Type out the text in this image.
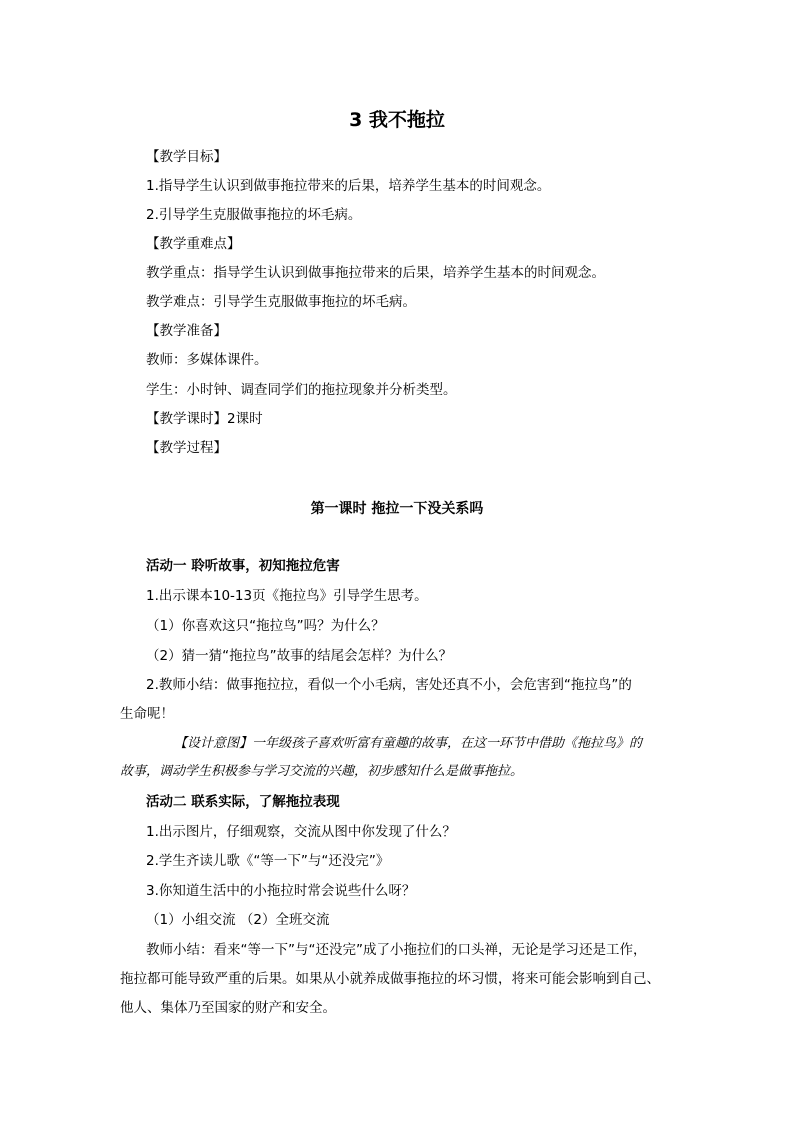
3 我不拖拉
【教学目标】
1.指导学生认识到做事拖拉带来的后果，培养学生基本的时间观念。
2.引导学生克服做事拖拉的坏毛病。
【教学重难点】
教学重点：指导学生认识到做事拖拉带来的后果，培养学生基本的时间观念。
教学难点：引导学生克服做事拖拉的坏毛病。
【教学准备】
教师：多媒体课件。
学生：小时钟、调查同学们的拖拉现象并分析类型。
【教学课时】2课时
【教学过程】
第一课时 拖拉一下没关系吗
活动一 聆听故事，初知拖拉危害
1.出示课本10-13页《拖拉鸟》引导学生思考。
（1）你喜欢这只“拖拉鸟”吗？为什么？
（2）猜一猜“拖拉鸟”故事的结尾会怎样？为什么？
2.教师小结：做事拖拉拉，看似一个小毛病，害处还真不小，会危害到“拖拉鸟”的
生命呢！
【设计意图】一年级孩子喜欢听富有童趣的故事，在这一环节中借助《拖拉鸟》的
故事，调动学生积极参与学习交流的兴趣，初步感知什么是做事拖拉。
活动二 联系实际，了解拖拉表现
1.出示图片，仔细观察，交流从图中你发现了什么？
2.学生齐读儿歌《“等一下”与“还没完”》
3.你知道生活中的小拖拉时常会说些什么呀？
（1）小组交流 （2）全班交流
教师小结：看来“等一下”与“还没完”成了小拖拉们的口头禅，无论是学习还是工作，
拖拉都可能导致严重的后果。如果从小就养成做事拖拉的坏习惯，将来可能会影响到自己、
他人、集体乃至国家的财产和安全。
